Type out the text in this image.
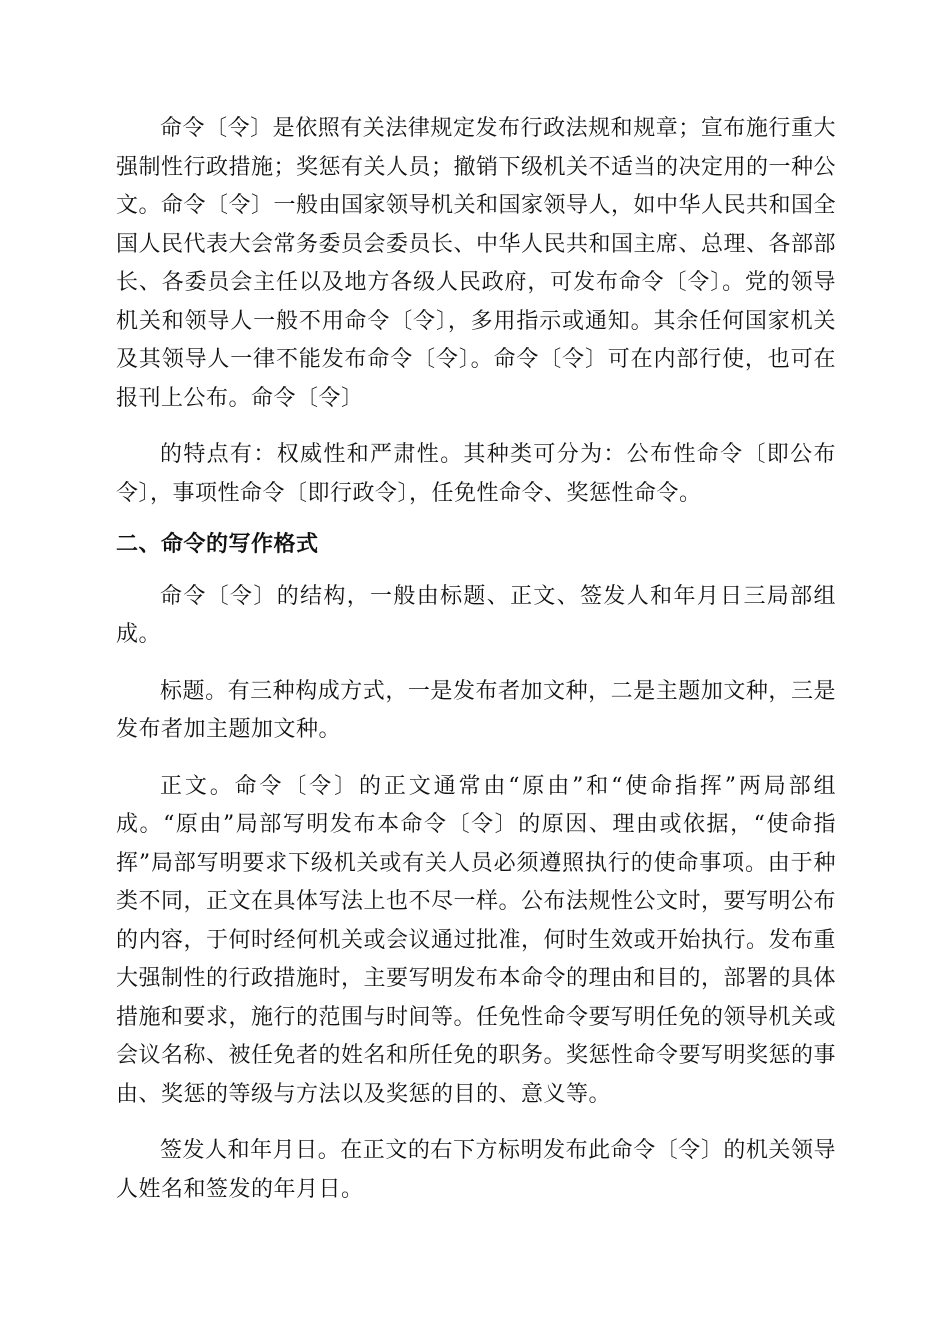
命令〔令〕是依照有关法律规定发布行政法规和规章；宣布施行重大强制性行政措施；奖惩有关人员；撤销下级机关不适当的决定用的一种公文。命令〔令〕一般由国家领导机关和国家领导人，如中华人民共和国全国人民代表大会常务委员会委员长、中华人民共和国主席、总理、各部部长、各委员会主任以及地方各级人民政府，可发布命令〔令〕。党的领导机关和领导人一般不用命令〔令〕，多用指示或通知。其余任何国家机关及其领导人一律不能发布命令〔令〕。命令〔令〕可在内部行使，也可在报刊上公布。命令〔令〕

的特点有：权威性和严肃性。其种类可分为：公布性命令〔即公布令〕，事项性命令〔即行政令〕，任免性命令、奖惩性命令。

二、命令的写作格式

命令〔令〕的结构，一般由标题、正文、签发人和年月日三局部组成。

标题。有三种构成方式，一是发布者加文种，二是主题加文种，三是发布者加主题加文种。

正文。命令〔令〕的正文通常由“原由”和“使命指挥”两局部组成。“原由”局部写明发布本命令〔令〕的原因、理由或依据，“使命指挥”局部写明要求下级机关或有关人员必须遵照执行的使命事项。由于种类不同，正文在具体写法上也不尽一样。公布法规性公文时，要写明公布的内容，于何时经何机关或会议通过批准，何时生效或开始执行。发布重大强制性的行政措施时，主要写明发布本命令的理由和目的，部署的具体措施和要求，施行的范围与时间等。任免性命令要写明任免的领导机关或会议名称、被任免者的姓名和所任免的职务。奖惩性命令要写明奖惩的事由、奖惩的等级与方法以及奖惩的目的、意义等。

签发人和年月日。在正文的右下方标明发布此命令〔令〕的机关领导人姓名和签发的年月日。
